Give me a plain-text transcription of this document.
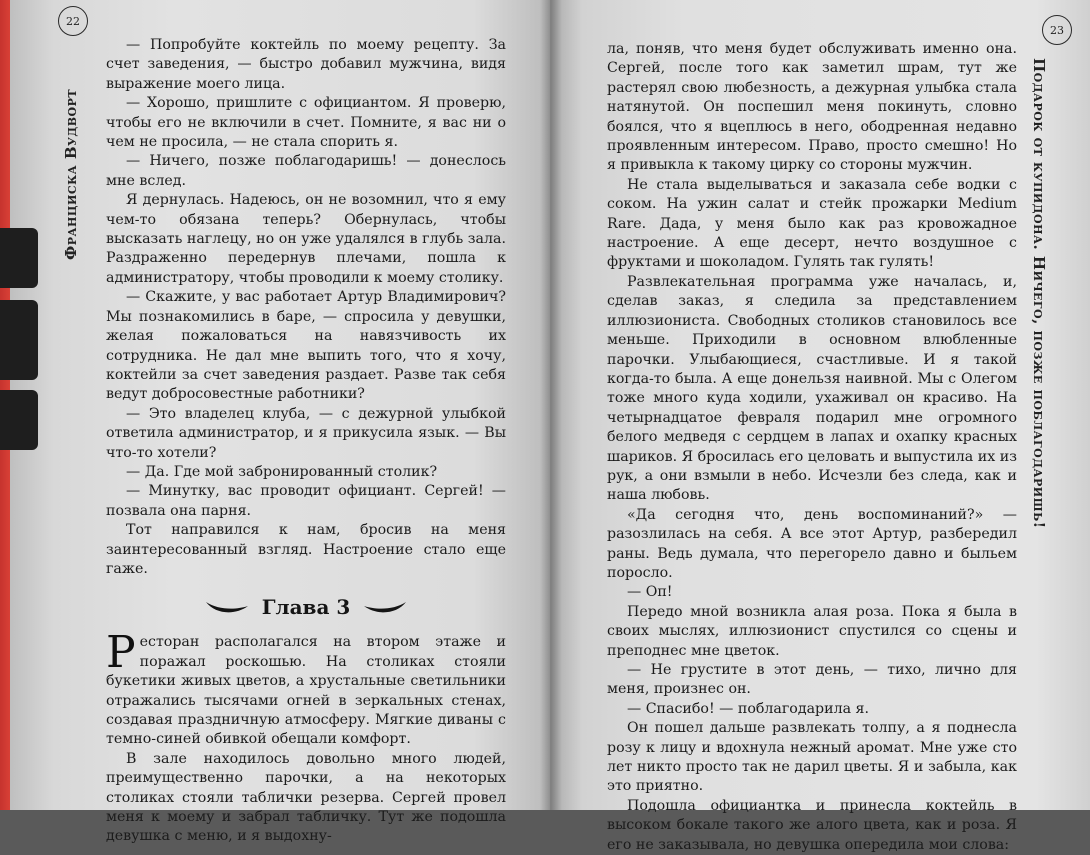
22
23
Франциска Вудворт	Подарок от купидона. Ничего, позже поблагодаришь!

— Попробуйте коктейль по моему рецепту. За счет заведения, — быстро добавил мужчина, видя выражение моего лица.

— Хорошо, пришлите с официантом. Я проверю, чтобы его не включили в счет. Помните, я вас ни о чем не просила, — не стала спорить я.

— Ничего, позже поблагодаришь! — донеслось мне вслед.

Я дернулась. Надеюсь, он не возомнил, что я ему чем-то обязана теперь? Обернулась, чтобы высказать наглецу, но он уже удалялся в глубь зала. Раздраженно передернув плечами, пошла к администратору, чтобы проводили к моему столику.

— Скажите, у вас работает Артур Владимирович? Мы познакомились в баре, — спросила у девушки, желая пожаловаться на навязчивость их сотрудника. Не дал мне выпить того, что я хочу, коктейли за счет заведения раздает. Разве так себя ведут добросовестные работники?

— Это владелец клуба, — с дежурной улыбкой ответила администратор, и я прикусила язык. — Вы что-то хотели?

— Да. Где мой забронированный столик?

— Минутку, вас проводит официант. Сергей! — позвала она парня.

Тот направился к нам, бросив на меня заинтересованный взгляд. Настроение стало еще гаже.

Глава 3

Ресторан располагался на втором этаже и поражал роскошью. На столиках стояли букетики живых цветов, а хрустальные светильники отражались тысячами огней в зеркальных стенах, создавая праздничную атмосферу. Мягкие диваны с темно-синей обивкой обещали комфорт.

В зале находилось довольно много людей, преимущественно парочки, а на некоторых столиках стояли таблички резерва. Сергей провел меня к моему и забрал табличку. Тут же подошла девушка с меню, и я выдохну-

ла, поняв, что меня будет обслуживать именно она. Сергей, после того как заметил шрам, тут же растерял свою любезность, а дежурная улыбка стала натянутой. Он поспешил меня покинуть, словно боялся, что я вцеплюсь в него, ободренная недавно проявленным интересом. Право, просто смешно! Но я привыкла к такому цирку со стороны мужчин.

Не стала выделываться и заказала себе водки с соком. На ужин салат и стейк прожарки Medium Rare. Дада, у меня было как раз кровожадное настроение. А еще десерт, нечто воздушное с фруктами и шоколадом. Гулять так гулять!

Развлекательная программа уже началась, и, сделав заказ, я следила за представлением иллюзиониста. Свободных столиков становилось все меньше. Приходили в основном влюбленные парочки. Улыбающиеся, счастливые. И я такой когда-то была. А еще донельзя наивной. Мы с Олегом тоже много куда ходили, ухаживал он красиво. На четырнадцатое февраля подарил мне огромного белого медведя с сердцем в лапах и охапку красных шариков. Я бросилась его целовать и выпустила их из рук, а они взмыли в небо. Исчезли без следа, как и наша любовь.

«Да сегодня что, день воспоминаний?» — разозлилась на себя. А все этот Артур, разбередил раны. Ведь думала, что перегорело давно и быльем поросло.

— Оп!

Передо мной возникла алая роза. Пока я была в своих мыслях, иллюзионист спустился со сцены и преподнес мне цветок.

— Не грустите в этот день, — тихо, лично для меня, произнес он.

— Спасибо! — поблагодарила я.

Он пошел дальше развлекать толпу, а я поднесла розу к лицу и вдохнула нежный аромат. Мне уже сто лет никто просто так не дарил цветы. Я и забыла, как это приятно.

Подошла официантка и принесла коктейль в высоком бокале такого же алого цвета, как и роза. Я его не заказывала, но девушка опередила мои слова:
